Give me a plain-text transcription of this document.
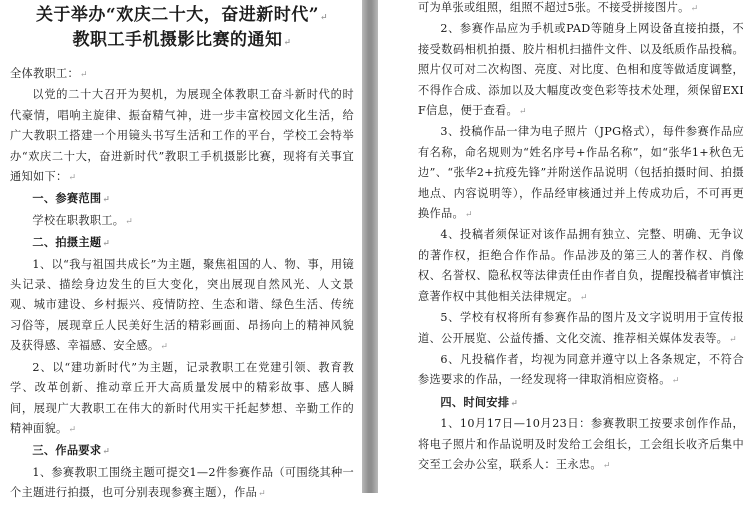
关于举办“欢庆二十大，奋进新时代”↵
教职工手机摄影比赛的通知↵
全体教职工：↵
以党的二十大召开为契机，为展现全体教职工奋斗新时代的时代豪情，唱响主旋律、振奋精气神，进一步丰富校园文化生活，给广大教职工搭建一个用镜头书写生活和工作的平台，学校工会特举办“欢庆二十大，奋进新时代”教职工手机摄影比赛，现将有关事宜通知如下：↵
一、参赛范围↵
学校在职教职工。↵
二、拍摄主题↵
1、以“我与祖国共成长”为主题，聚焦祖国的人、物、事，用镜头记录、描绘身边发生的巨大变化，突出展现自然风光、人文景观、城市建设、乡村振兴、疫情防控、生态和谐、绿色生活、传统习俗等，展现章丘人民美好生活的精彩画面、昂扬向上的精神风貌及获得感、幸福感、安全感。↵
2、以“建功新时代”为主题，记录教职工在党建引领、教育教学、改革创新、推动章丘开大高质量发展中的精彩故事、感人瞬间，展现广大教职工在伟大的新时代用实干托起梦想、辛勤工作的精神面貌。↵
三、作品要求↵
1、参赛教职工围绕主题可提交1—2件参赛作品（可围绕其种一个主题进行拍摄，也可分别表现参赛主题），作品↵
可为单张或组照，组照不超过5张。不接受拼接图片。↵
2、参赛作品应为手机或PAD等随身上网设备直接拍摄，不接受数码相机拍摄、胶片相机扫描件文件、以及纸质作品投稿。照片仅可对二次构图、亮度、对比度、色相和度等做适度调整，不得作合成、添加以及大幅度改变色彩等技术处理，须保留EXIF信息，便于查看。↵
3、投稿作品一律为电子照片（JPG格式），每件参赛作品应有名称，命名规则为“姓名序号+作品名称”，如“张华1+秋色无边”、“张华2+抗疫先锋”并附送作品说明（包括拍摄时间、拍摄地点、内容说明等），作品经审核通过并上传成功后，不可再更换作品。↵
4、投稿者须保证对该作品拥有独立、完整、明确、无争议的著作权，拒绝合作作品。作品涉及的第三人的著作权、肖像权、名誉权、隐私权等法律责任由作者自负，提醒投稿者审慎注意著作权中其他相关法律规定。↵
5、学校有权将所有参赛作品的图片及文字说明用于宣传报道、公开展览、公益传播、文化交流、推荐相关媒体发表等。↵
6、凡投稿作者，均视为同意并遵守以上各条规定，不符合参选要求的作品，一经发现将一律取消相应资格。↵
四、时间安排↵
1、10月17日—10月23日：参赛教职工按要求创作作品，将电子照片和作品说明及时发给工会组长，工会组长收齐后集中交至工会办公室，联系人：王永忠。↵
